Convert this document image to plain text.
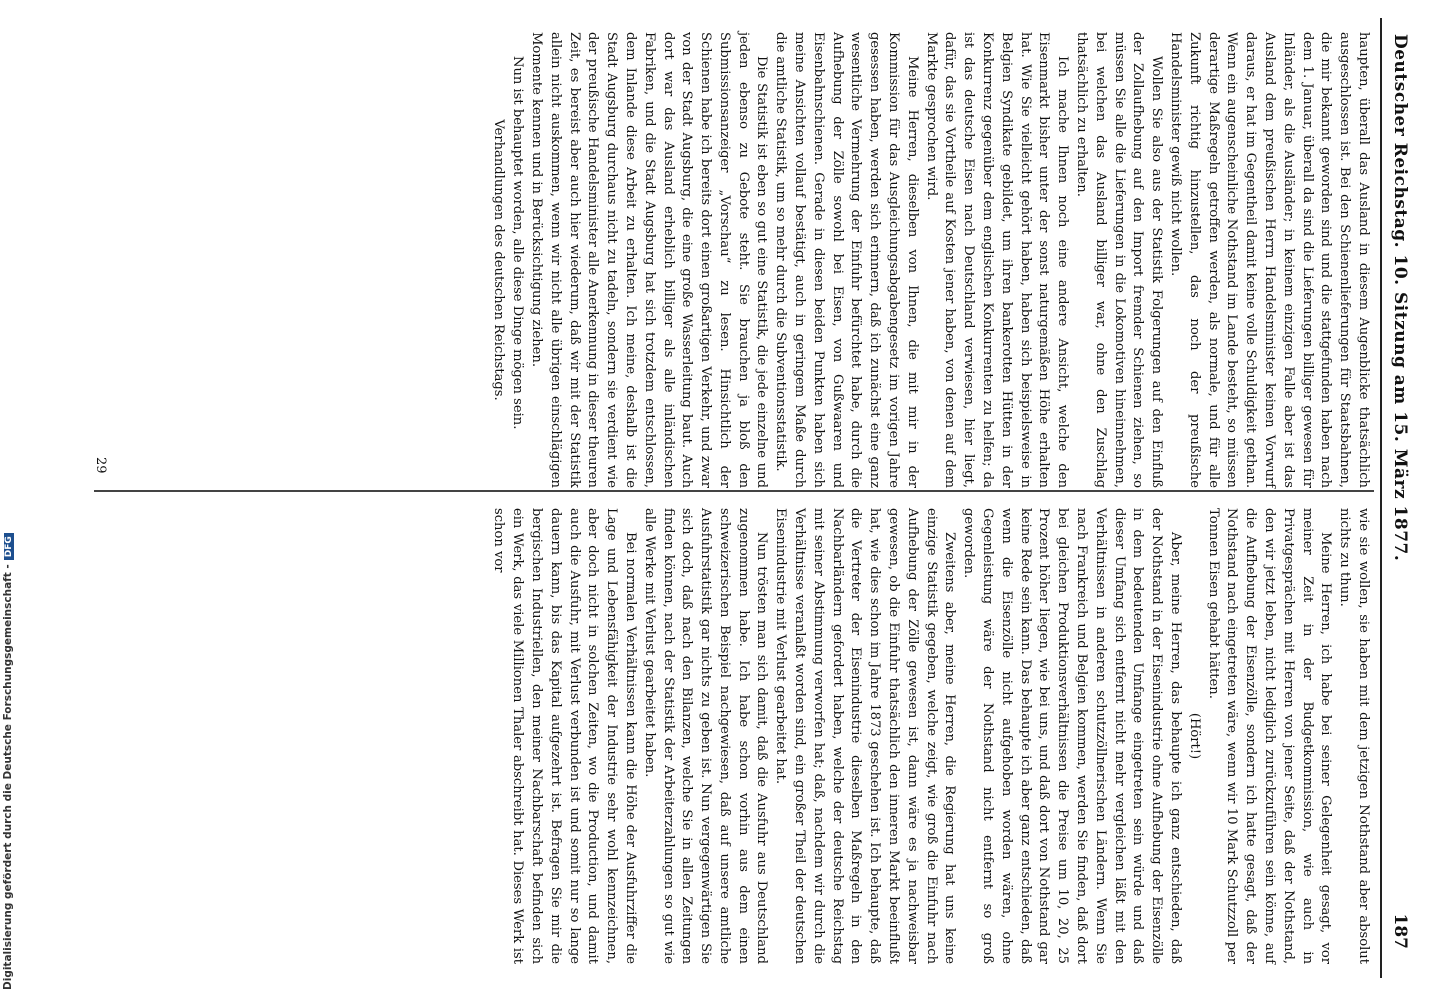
Deutscher Reichstag. 10. Sitzung am 15. März 1877.
187

haupten, überall das Ausland in diesem Augenblicke thatsächlich ausgeschlossen ist. Bei den Schienenlieferungen für Staatsbahnen, die mir bekannt geworden sind und die stattgefunden haben nach dem 1. Januar, überall da sind die Lieferungen billiger gewesen für Inländer, als die Ausländer; in keinem einzigen Falle aber ist das Ausland dem preußischen Herrn Handelsminister keinen Vorwurf daraus, er hat im Gegentheil damit keine volle Schuldigkeit gethan. Wenn ein augenscheinliche Nothstand im Lande besteht, so müssen derartige Maßregeln getroffen werden, als normale, und für alle Zukunft richtig hinzustellen, das noch der preußische Handelsminister gewiß nicht wollen.

Wollen Sie also aus der Statistik Folgerungen auf den Einfluß der Zollaufhebung auf den Import fremder Schienen ziehen, so müssen Sie alle die Lieferungen in die Lokomotiven hineinnehmen, bei welchen das Ausland billiger war, ohne den Zuschlag thatsächlich zu erhalten.

Ich mache Ihnen noch eine andere Ansicht, welche den Eisenmarkt bisher unter der sonst naturgemäßen Höhe erhalten hat. Wie Sie vielleicht gehört haben, haben sich beispielsweise in Belgien Syndikate gebildet, um ihren bankerotten Hütten in der Konkurrenz gegenüber dem englischen Konkurrenten zu helfen; da ist das deutsche Eisen nach Deutschland verwiesen, hier liegt, dafür, das sie Vortheile auf Kosten jener haben, von denen auf dem Markte gesprochen wird.

Meine Herren, dieselben von Ihnen, die mit mir in der Kommission für das Ausgleichungsabgabengesetz im vorigen Jahre gesessen haben, werden sich erinnern, daß ich zunächst eine ganz wesentliche Vermehrung der Einfuhr befürchtet habe, durch die Aufhebung der Zölle sowohl bei Eisen, von Gußwaaren und Eisenbahnschienen. Gerade in diesen beiden Punkten haben sich meine Ansichten vollauf bestätigt, auch in geringem Maße durch die amtliche Statistik, um so mehr durch die Subventionsstatistik.

Die Statistik ist eben so gut eine Statistik, die jede einzelne und jeden ebenso zu Gebote steht. Sie brauchen ja bloß den Submissionsanzeiger „Vorschau“ zu lesen. Hinsichtlich der Schienen habe ich bereits dort einen großartigen Verkehr, und zwar von der Stadt Augsburg, die eine große Wasserleitung baut. Auch dort war das Ausland erheblich billiger als alle inländischen Fabriken, und die Stadt Augsburg hat sich trotzdem entschlossen, dem Inlande diese Arbeit zu erhalten. Ich meine, deshalb ist die Stadt Augsburg durchaus nicht zu tadeln, sondern sie verdient wie der preußische Handelsminister alle Anerkennung in dieser theuren Zeit, es bereist aber auch hier wiederum, daß wir mit der Statistik allein nicht auskommen, wenn wir nicht alle übrigen einschlägigen Momente kennen und in Berücksichtigung ziehen.

Nun ist behauptet worden, alle diese Dinge mögen sein.

Verhandlungen des deutschen Reichstags.

wie sie wollen, sie haben mit dem jetzigen Nothstand aber absolut nichts zu thun.

Meine Herren, ich habe bei seiner Gelegenheit gesagt, vor meiner Zeit in der Budgetkommission, wie auch in Privatgesprächen mit Herren von jener Seite, daß der Nothstand, den wir jetzt leben, nicht lediglich zurückzuführen sein könne, auf die Aufhebung der Eisenzölle, sondern ich hatte gesagt, daß der Nothstand nach eingetreten wäre, wenn wir 10 Mark Schutzzoll per Tonnen Eisen gehabt hätten.

(Hört!)

Aber, meine Herren, das behaupte ich ganz entschieden, daß der Nothstand in der Eisenindustrie ohne Aufhebung der Eisenzölle in dem bedeutenden Umfange eingetreten sein würde und daß dieser Umfang sich entfernt nicht mehr vergleichen läßt mit den Verhältnissen in anderen schutzzöllnerischen Ländern. Wenn Sie nach Frankreich und Belgien kommen, werden Sie finden, daß dort bei gleichen Produktionsverhältnissen die Preise um 10, 20, 25 Prozent höher liegen, wie bei uns, und daß dort von Nothstand gar keine Rede sein kann. Das behaupte ich aber ganz entschieden, daß wenn die Eisenzölle nicht aufgehoben worden wären, ohne Gegenleistung wäre der Nothstand nicht entfernt so groß geworden.

Zweitens aber, meine Herren, die Regierung hat uns keine einzige Statistik gegeben, welche zeigt, wie groß die Einfuhr nach Aufhebung der Zölle gewesen ist, dann wäre es ja nachweisbar gewesen, ob die Einfuhr thatsächlich den inneren Markt beeinflußt hat, wie dies schon im Jahre 1873 geschehen ist. Ich behaupte, daß die Vertreter der Eisenindustrie dieselben Maßregeln in den Nachbarländern gefordert haben, welche der deutsche Reichstag mit seiner Abstimmung verworfen hat; daß, nachdem wir durch die Verhältnisse veranlaßt worden sind, ein großer Theil der deutschen Eisenindustrie mit Verlust gearbeitet hat.

Nun trösten man sich damit, daß die Ausfuhr aus Deutschland zugenommen habe. Ich habe schon vorhin aus dem einen schweizerischen Beispiel nachgewiesen, daß auf unsere amtliche Ausfuhrstatistik gar nichts zu geben ist. Nun vergegenwärtigen Sie sich doch, daß nach den Bilanzen, welche Sie in allen Zeitungen finden können, nach der Statistik der Arbeiterzahlungen so gut wie alle Werke mit Verlust gearbeitet haben.

Bei normalen Verhältnissen kann die Höhe der Ausfuhrziffer die Lage und Lebensfähigkeit der Industrie sehr wohl kennzeichnen, aber doch nicht in solchen Zeiten, wo die Production, und damit auch die Ausfuhr, mit Verlust verbunden ist und somit nur so lange dauern kann, bis das Kapital aufgezehrt ist. Befragen Sie mir die bergischen Industriellen, den meiner Nachbarschaft befinden sich ein Werk, das viele Millionen Thaler abschreibt hat. Dieses Werk ist schon vor

29
Digitalisierung gefördert durch die Deutsche Forschungsgemeinschaft -DFG
